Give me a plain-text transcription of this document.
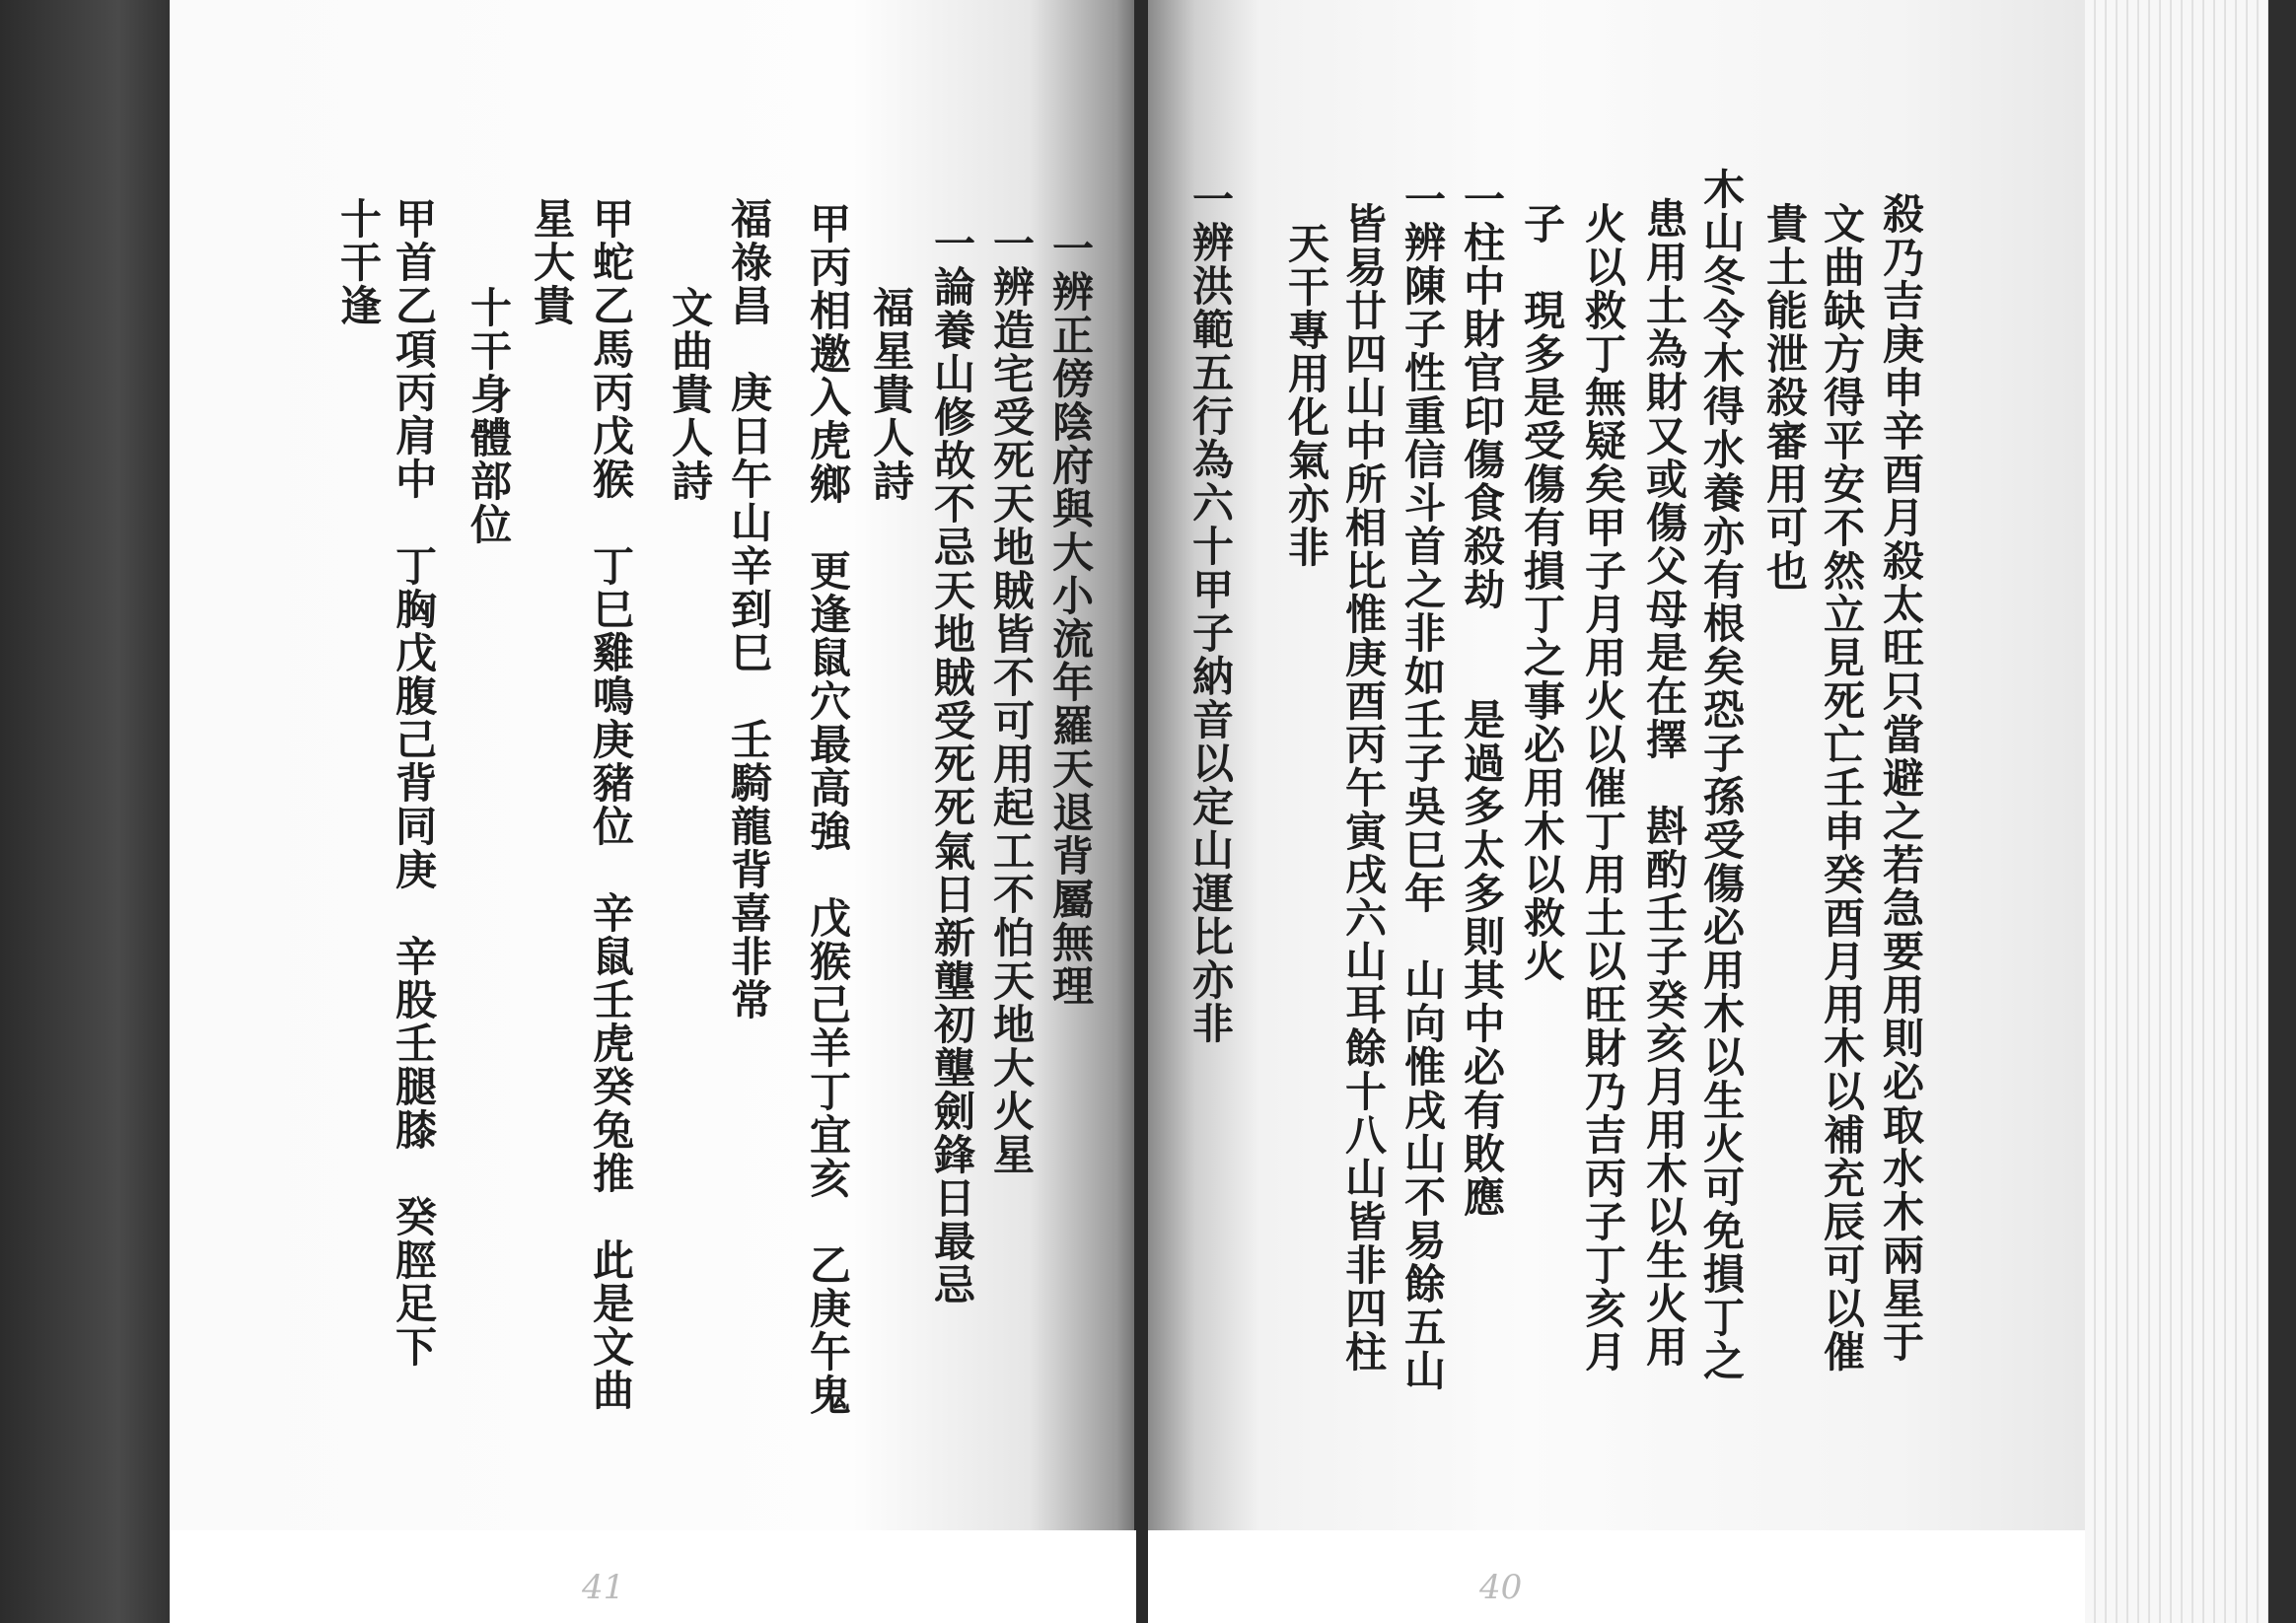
一辨正傍陰府與大小流年羅天退背屬無理
一辨造宅受死天地賊皆不可用起工不怕天地大火星
一論養山修故不忌天地賊受死死氣日新壟初壟劍鋒日最忌
福星貴人詩
甲丙相邀入虎鄉　更逢鼠穴最高強　戊猴己羊丁宜亥　乙庚午鬼
福祿昌　庚日午山辛到巳　壬騎龍背喜非常
文曲貴人詩
甲蛇乙馬丙戊猴　丁巳雞鳴庚豬位　辛鼠壬虎癸兔推　此是文曲
星大貴
十干身體部位
甲首乙項丙肩中　丁胸戊腹己背同庚　辛股壬腿膝　癸脛足下
十干逢
41
殺乃吉庚申辛酉月殺太旺只當避之若急要用則必取水木兩星于
文曲缺方得平安不然立見死亡壬申癸酉月用木以補充辰可以催
貴土能泄殺審用可也
木山冬令木得水養亦有根矣恐子孫受傷必用木以生火可免損丁之
患用土為財又或傷父母是在擇　斟酌壬子癸亥月用木以生火用
火以救丁無疑矣甲子月用火以催丁用土以旺財乃吉丙子丁亥月
子　現多是受傷有損丁之事必用木以救火
一柱中財官印傷食殺劫　　是過多太多則其中必有敗應
一辨陳子性重信斗首之非如壬子吳巳年　山向惟戌山不易餘五山
皆易廿四山中所相比惟庚酉丙午寅戌六山耳餘十八山皆非四柱
天干專用化氣亦非
一辨洪範五行為六十甲子納音以定山運比亦非
40
